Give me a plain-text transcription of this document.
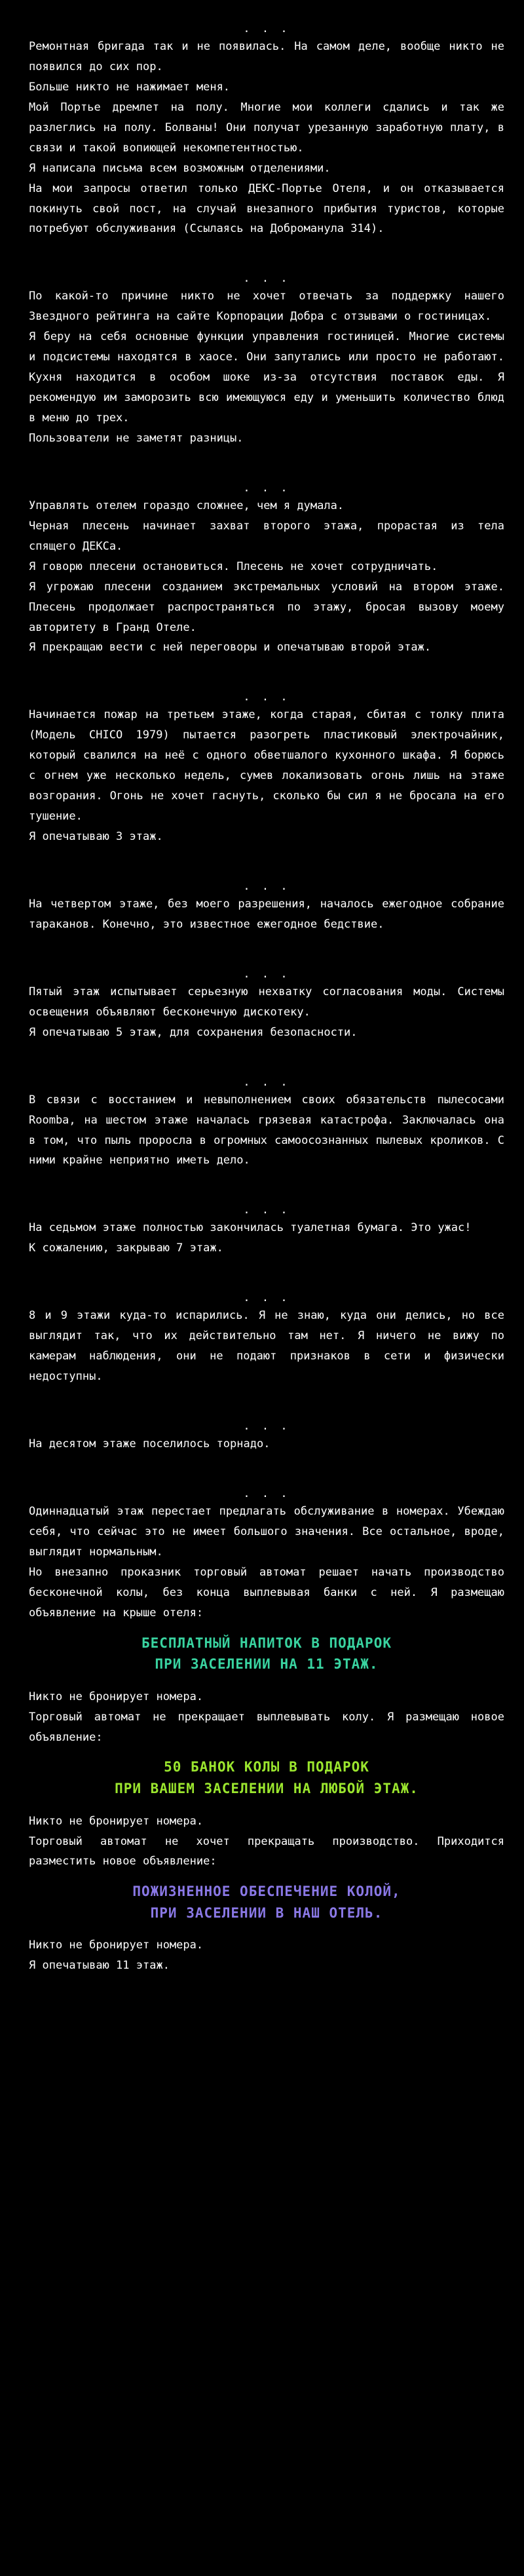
. . .

Ремонтная бригада так и не появилась. На самом деле, вообще никто не появился до сих пор.

Больше никто не нажимает меня.

Мой Портье дремлет на полу. Многие мои коллеги сдались и так же разлеглись на полу. Болваны! Они получат урезанную заработную плату, в связи и такой вопиющей некомпетентностью.

Я написала письма всем возможным отделениями.

На мои запросы ответил только ДЕКС-Портье Отеля, и он отказывается покинуть свой пост, на случай внезапного прибытия туристов, которые потребуют обслуживания (Ссылаясь на Доброманула 314).

. . .

По какой-то причине никто не хочет отвечать за поддержку нашего Звездного рейтинга на сайте Корпорации Добра с отзывами о гостиницах.

Я беру на себя основные функции управления гостиницей. Многие системы и подсистемы находятся в хаосе. Они запутались или просто не работают. Кухня находится в особом шоке из-за отсутствия поставок еды. Я рекомендую им заморозить всю имеющуюся еду и уменьшить количество блюд в меню до трех.

Пользователи не заметят разницы.

. . .

Управлять отелем гораздо сложнее, чем я думала.

Черная плесень начинает захват второго этажа, прорастая из тела спящего ДЕКСа.

Я говорю плесени остановиться. Плесень не хочет сотрудничать.

Я угрожаю плесени созданием экстремальных условий на втором этаже. Плесень продолжает распространяться по этажу, бросая вызову моему авторитету в Гранд Отеле.

Я прекращаю вести с ней переговоры и опечатываю второй этаж.

. . .

Начинается пожар на третьем этаже, когда старая, сбитая с толку плита (Модель CHICO 1979) пытается разогреть пластиковый электрочайник, который свалился на неё с одного обветшалого кухонного шкафа. Я борюсь с огнем уже несколько недель, сумев локализовать огонь лишь на этаже возгорания. Огонь не хочет гаснуть, сколько бы сил я не бросала на его тушение.

Я опечатываю 3 этаж.

. . .

На четвертом этаже, без моего разрешения, началось ежегодное собрание тараканов. Конечно, это известное ежегодное бедствие.

. . .

Пятый этаж испытывает серьезную нехватку согласования моды. Системы освещения объявляют бесконечную дискотеку.

Я опечатываю 5 этаж, для сохранения безопасности.

. . .

В связи с восстанием и невыполнением своих обязательств пылесосами Roomba, на шестом этаже началась грязевая катастрофа. Заключалась она в том, что пыль проросла в огромных самоосознанных пылевых кроликов. С ними крайне неприятно иметь дело.

. . .

На седьмом этаже полностью закончилась туалетная бумага. Это ужас!

К сожалению, закрываю 7 этаж.

. . .

8 и 9 этажи куда-то испарились. Я не знаю, куда они делись, но все выглядит так, что их действительно там нет. Я ничего не вижу по камерам наблюдения, они не подают признаков в сети и физически недоступны.

. . .

На десятом этаже поселилось торнадо.

. . .

Одиннадцатый этаж перестает предлагать обслуживание в номерах. Убеждаю себя, что сейчас это не имеет большого значения. Все остальное, вроде, выглядит нормальным.

Но внезапно проказник торговый автомат решает начать производство бесконечной колы, без конца выплевывая банки с ней. Я размещаю объявление на крыше отеля:

БЕСПЛАТНЫЙ НАПИТОК В ПОДАРОК
ПРИ ЗАСЕЛЕНИИ НА 11 ЭТАЖ.

Никто не бронирует номера.

Торговый автомат не прекращает выплевывать колу. Я размещаю новое объявление:

50 БАНОК КОЛЫ В ПОДАРОК
ПРИ ВАШЕМ ЗАСЕЛЕНИИ НА ЛЮБОЙ ЭТАЖ.

Никто не бронирует номера.

Торговый автомат не хочет прекращать производство. Приходится разместить новое объявление:

ПОЖИЗНЕННОЕ ОБЕСПЕЧЕНИЕ КОЛОЙ,
ПРИ ЗАСЕЛЕНИИ В НАШ ОТЕЛЬ.

Никто не бронирует номера.

Я опечатываю 11 этаж.
